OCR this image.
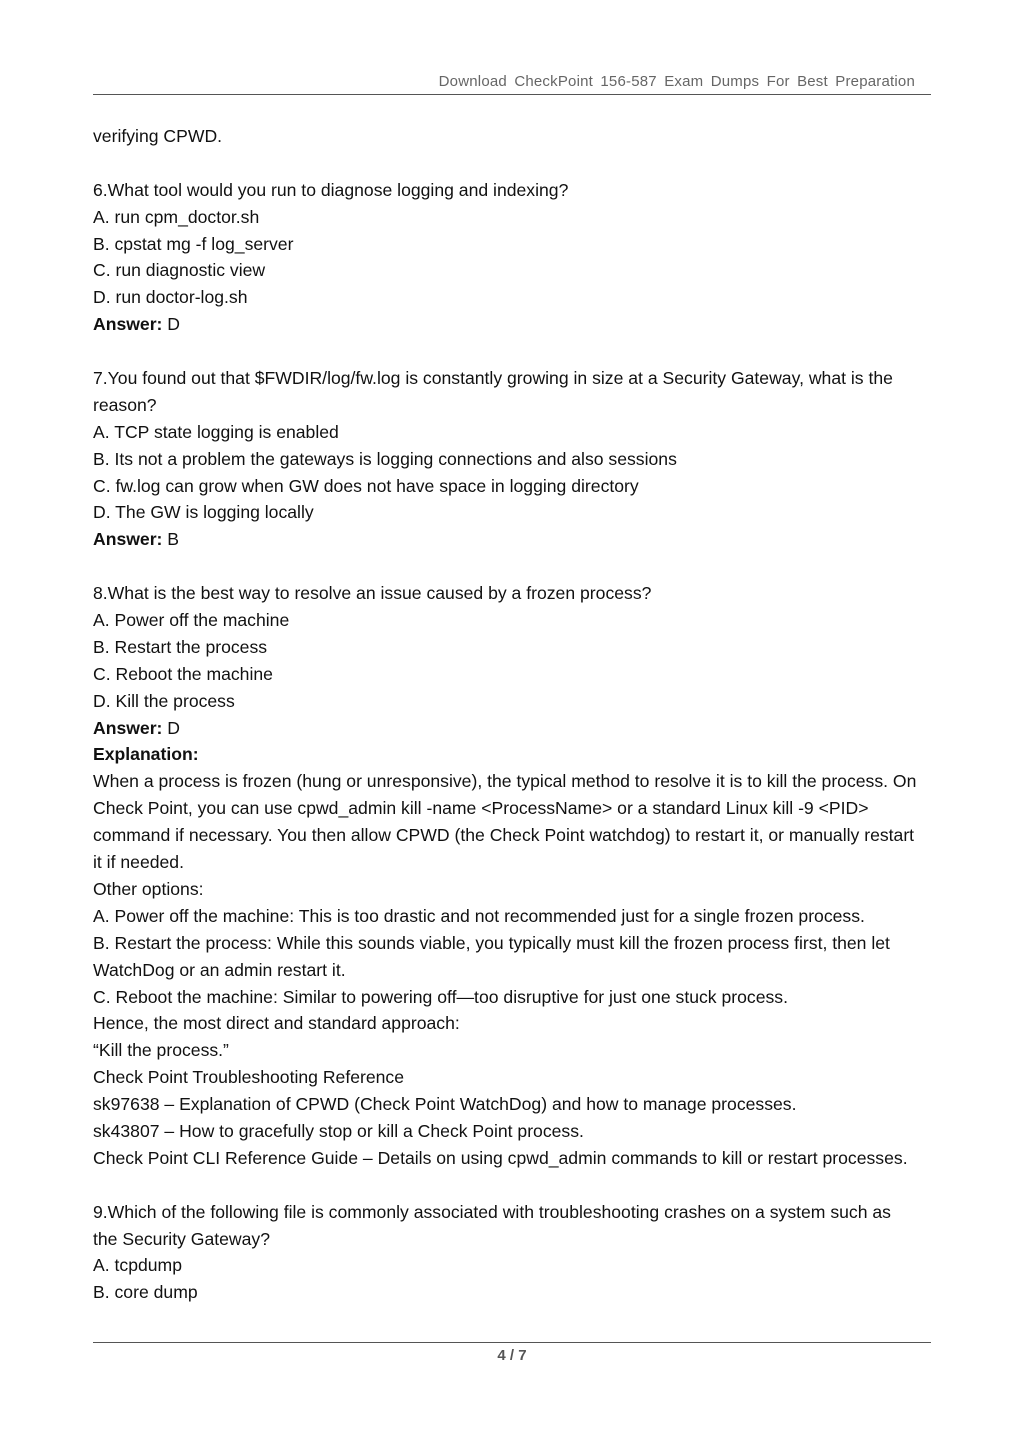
Download CheckPoint 156-587 Exam Dumps For Best Preparation
verifying CPWD.
6.What tool would you run to diagnose logging and indexing?
A. run cpm_doctor.sh
B. cpstat mg -f log_server
C. run diagnostic view
D. run doctor-log.sh
Answer: D
7.You found out that $FWDIR/log/fw.log is constantly growing in size at a Security Gateway, what is the
reason?
A. TCP state logging is enabled
B. Its not a problem the gateways is logging connections and also sessions
C. fw.log can grow when GW does not have space in logging directory
D. The GW is logging locally
Answer: B
8.What is the best way to resolve an issue caused by a frozen process?
A. Power off the machine
B. Restart the process
C. Reboot the machine
D. Kill the process
Answer: D
Explanation:
When a process is frozen (hung or unresponsive), the typical method to resolve it is to kill the process. On
Check Point, you can use cpwd_admin kill -name <ProcessName> or a standard Linux kill -9 <PID>
command if necessary. You then allow CPWD (the Check Point watchdog) to restart it, or manually restart
it if needed.
Other options:
A. Power off the machine: This is too drastic and not recommended just for a single frozen process.
B. Restart the process: While this sounds viable, you typically must kill the frozen process first, then let
WatchDog or an admin restart it.
C. Reboot the machine: Similar to powering off—too disruptive for just one stuck process.
Hence, the most direct and standard approach:
“Kill the process.”
Check Point Troubleshooting Reference
sk97638 – Explanation of CPWD (Check Point WatchDog) and how to manage processes.
sk43807 – How to gracefully stop or kill a Check Point process.
Check Point CLI Reference Guide – Details on using cpwd_admin commands to kill or restart processes.
9.Which of the following file is commonly associated with troubleshooting crashes on a system such as
the Security Gateway?
A. tcpdump
B. core dump
4 / 7
